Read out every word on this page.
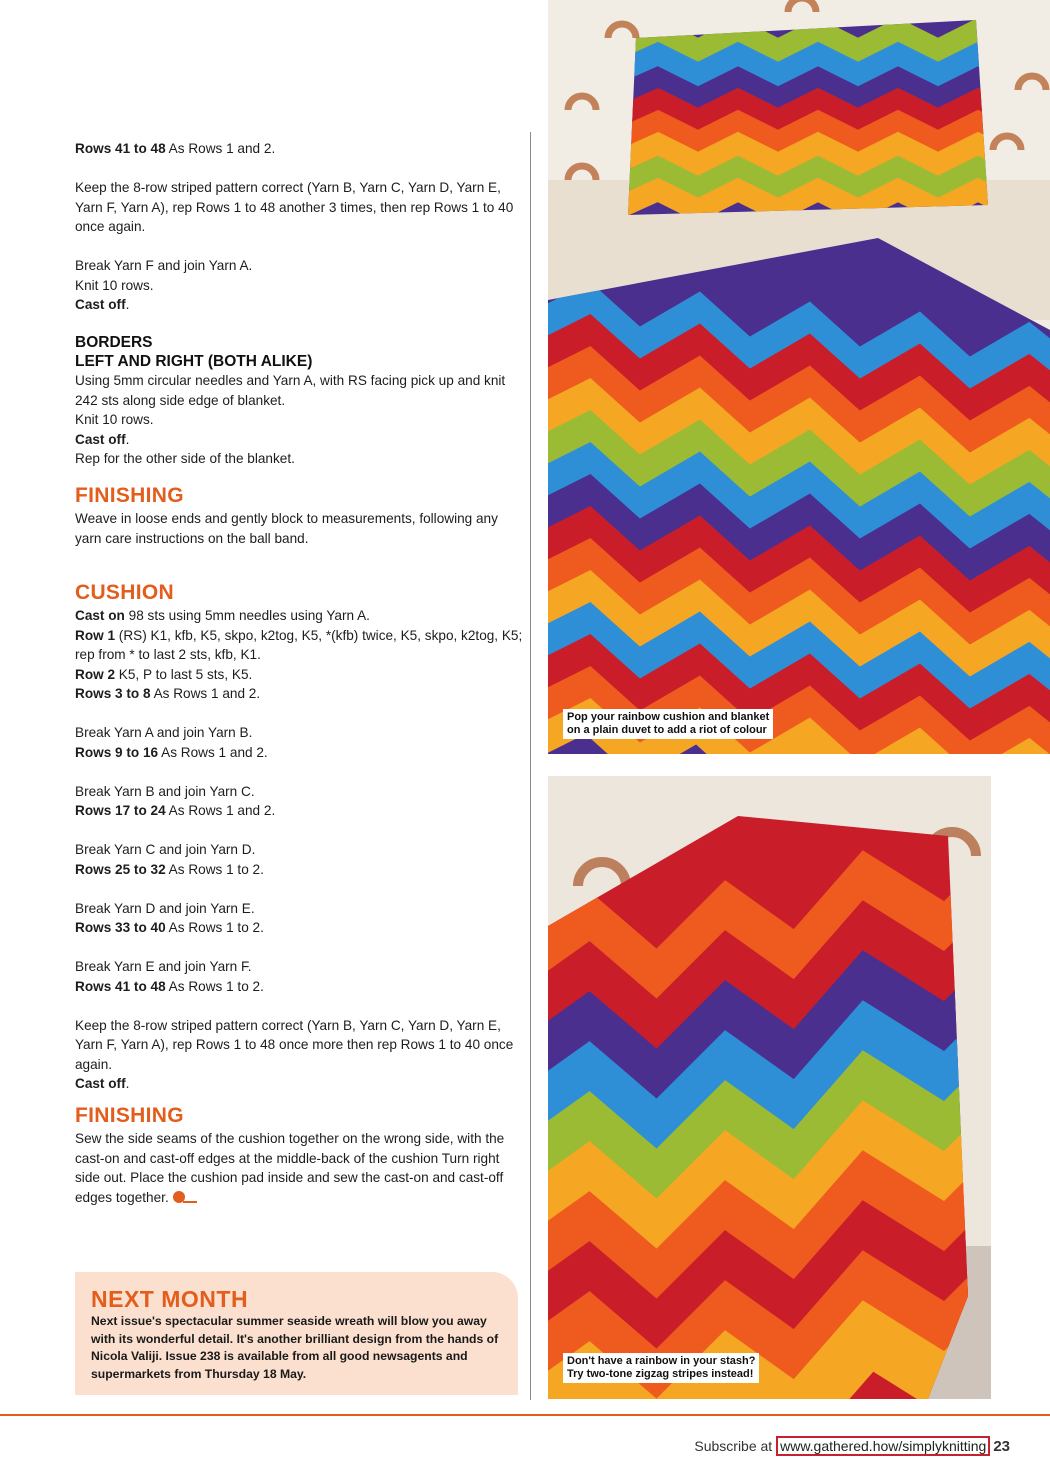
Rows 41 to 48 As Rows 1 and 2.

Keep the 8-row striped pattern correct (Yarn B, Yarn C, Yarn D, Yarn E, Yarn F, Yarn A), rep Rows 1 to 48 another 3 times, then rep Rows 1 to 40 once again.

Break Yarn F and join Yarn A.

Knit 10 rows.

Cast off.

BORDERS

LEFT AND RIGHT (BOTH ALIKE)

Using 5mm circular needles and Yarn A, with RS facing pick up and knit 242 sts along side edge of blanket.

Knit 10 rows.

Cast off.

Rep for the other side of the blanket.

FINISHING

Weave in loose ends and gently block to measurements, following any yarn care instructions on the ball band.

CUSHION

Cast on 98 sts using 5mm needles using Yarn A.

Row 1 (RS) K1, kfb, K5, skpo, k2tog, K5, *(kfb) twice, K5, skpo, k2tog, K5; rep from * to last 2 sts, kfb, K1.

Row 2 K5, P to last 5 sts, K5.

Rows 3 to 8 As Rows 1 and 2.

Break Yarn A and join Yarn B.

Rows 9 to 16 As Rows 1 and 2.

Break Yarn B and join Yarn C.

Rows 17 to 24 As Rows 1 and 2.

Break Yarn C and join Yarn D.

Rows 25 to 32 As Rows 1 to 2.

Break Yarn D and join Yarn E.

Rows 33 to 40 As Rows 1 to 2.

Break Yarn E and join Yarn F.

Rows 41 to 48 As Rows 1 to 2.

Keep the 8-row striped pattern correct (Yarn B, Yarn C, Yarn D, Yarn E, Yarn F, Yarn A), rep Rows 1 to 48 once more then rep Rows 1 to 40 once again.

Cast off.

FINISHING

Sew the side seams of the cushion together on the wrong side, with the cast-on and cast-off edges at the middle-back of the cushion Turn right side out. Place the cushion pad inside and sew the cast-on and cast-off edges together.

NEXT MONTH
Next issue's spectacular summer seaside wreath will blow you away with its wonderful detail. It's another brilliant design from the hands of Nicola Valiji. Issue 238 is available from all good newsagents and supermarkets from Thursday 18 May.
Pop your rainbow cushion and blanket
on a plain duvet to add a riot of colour
Don't have a rainbow in your stash?
Try two-tone zigzag stripes instead!
Subscribe at www.gathered.how/simplyknitting 23
